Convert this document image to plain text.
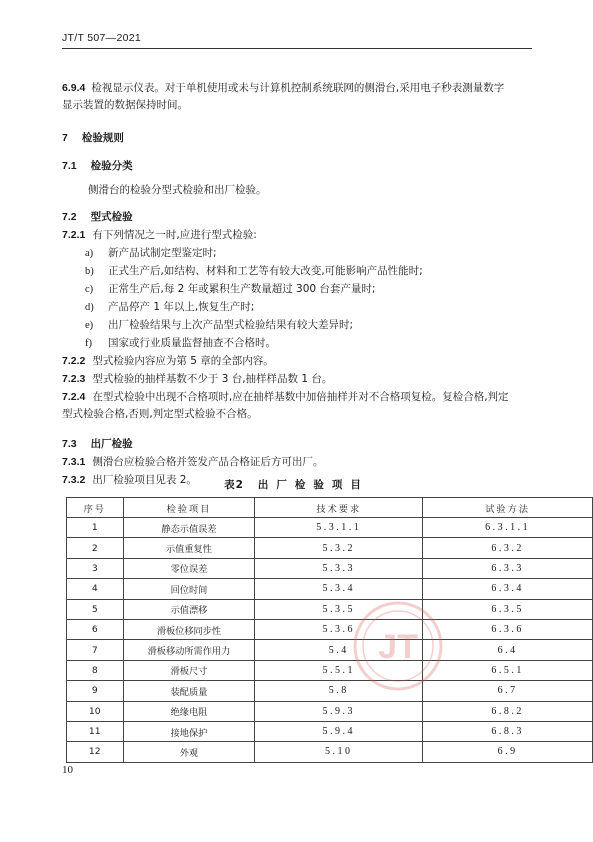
JT/T 507—2021
6.9.4 检视显示仪表。对于单机使用或未与计算机控制系统联网的侧滑台,采用电子秒表测量数字
显示装置的数据保持时间。
7 检验规则
7.1 检验分类
侧滑台的检验分型式检验和出厂检验。
7.2 型式检验
7.2.1 有下列情况之一时,应进行型式检验:
a) 新产品试制定型鉴定时;
b) 正式生产后,如结构、材料和工艺等有较大改变,可能影响产品性能时;
c) 正常生产后,每 2 年或累积生产数量超过 300 台套产量时;
d) 产品停产 1 年以上,恢复生产时;
e) 出厂检验结果与上次产品型式检验结果有较大差异时;
f) 国家或行业质量监督抽查不合格时。
7.2.2 型式检验内容应为第 5 章的全部内容。
7.2.3 型式检验的抽样基数不少于 3 台,抽样样品数 1 台。
7.2.4 在型式检验中出现不合格项时,应在抽样基数中加倍抽样并对不合格项复检。复检合格,判定
型式检验合格,否则,判定型式检验不合格。
7.3 出厂检验
7.3.1 侧滑台应检验合格并签发产品合格证后方可出厂。
7.3.2 出厂检验项目见表 2。	表2 出厂检验项目
序号	检验项目	技术要求	试验方法
1	静态示值误差	5.3.1.1	6.3.1.1
2	示值重复性	5.3.2	6.3.2
3	零位误差	5.3.3	6.3.3
4	回位时间	5.3.4	6.3.4
5	示值漂移	5.3.5	6.3.5
6	滑板位移同步性	5.3.6	6.3.6
7	滑板移动所需作用力	5.4	6.4
8	滑板尺寸	5.5.1	6.5.1
9	装配质量	5.8	6.7
10	绝缘电阻	5.9.3	6.8.2
11	接地保护	5.9.4	6.8.3
12	外观	5.10	6.9
JT
10
